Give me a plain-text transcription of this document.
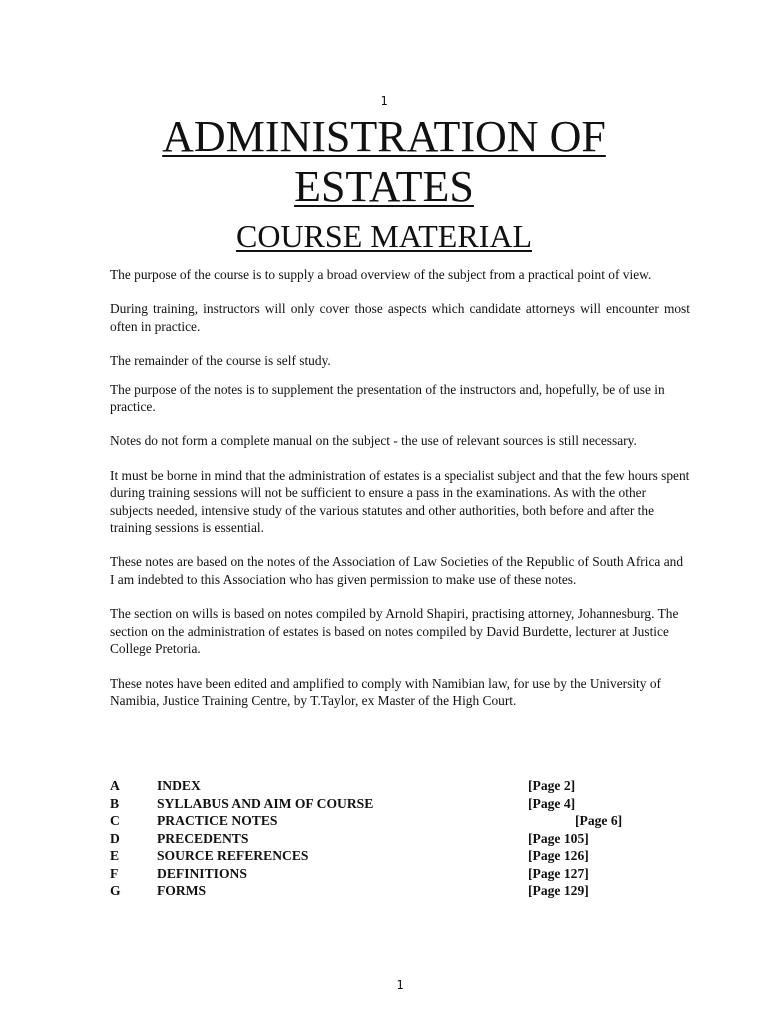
1
ADMINISTRATION OF
ESTATES
COURSE MATERIAL

The purpose of the course is to supply a broad overview of the subject from a practical point of view.

During training, instructors will only cover those aspects which candidate attorneys will encounter most often in practice.

The remainder of the course is self study.

The purpose of the notes is to supplement the presentation of the instructors and, hopefully, be of use in practice.

Notes do not form a complete manual on the subject - the use of relevant sources is still necessary.

It must be borne in mind that the administration of estates is a specialist subject and that the few hours spent during training sessions will not be sufficient to ensure a pass in the examinations. As with the other subjects needed, intensive study of the various statutes and other authorities, both before and after the training sessions is essential.

These notes are based on the notes of the Association of Law Societies of the Republic of South Africa and I am indebted to this Association who has given permission to make use of these notes.

The section on wills is based on notes compiled by Arnold Shapiri, practising attorney, Johannesburg. The section on the administration of estates is based on notes compiled by David Burdette, lecturer at Justice College Pretoria.

These notes have been edited and amplified to comply with Namibian law, for use by the University of Namibia, Justice Training Centre, by T.Taylor, ex Master of the High Court.

A	INDEX	[Page 2]
B	SYLLABUS AND AIM OF COURSE	[Page 4]
C	PRACTICE NOTES	[Page 6]
D	PRECEDENTS	[Page 105]
E	SOURCE REFERENCES	[Page 126]
F	DEFINITIONS	[Page 127]
G	FORMS	[Page 129]
1
